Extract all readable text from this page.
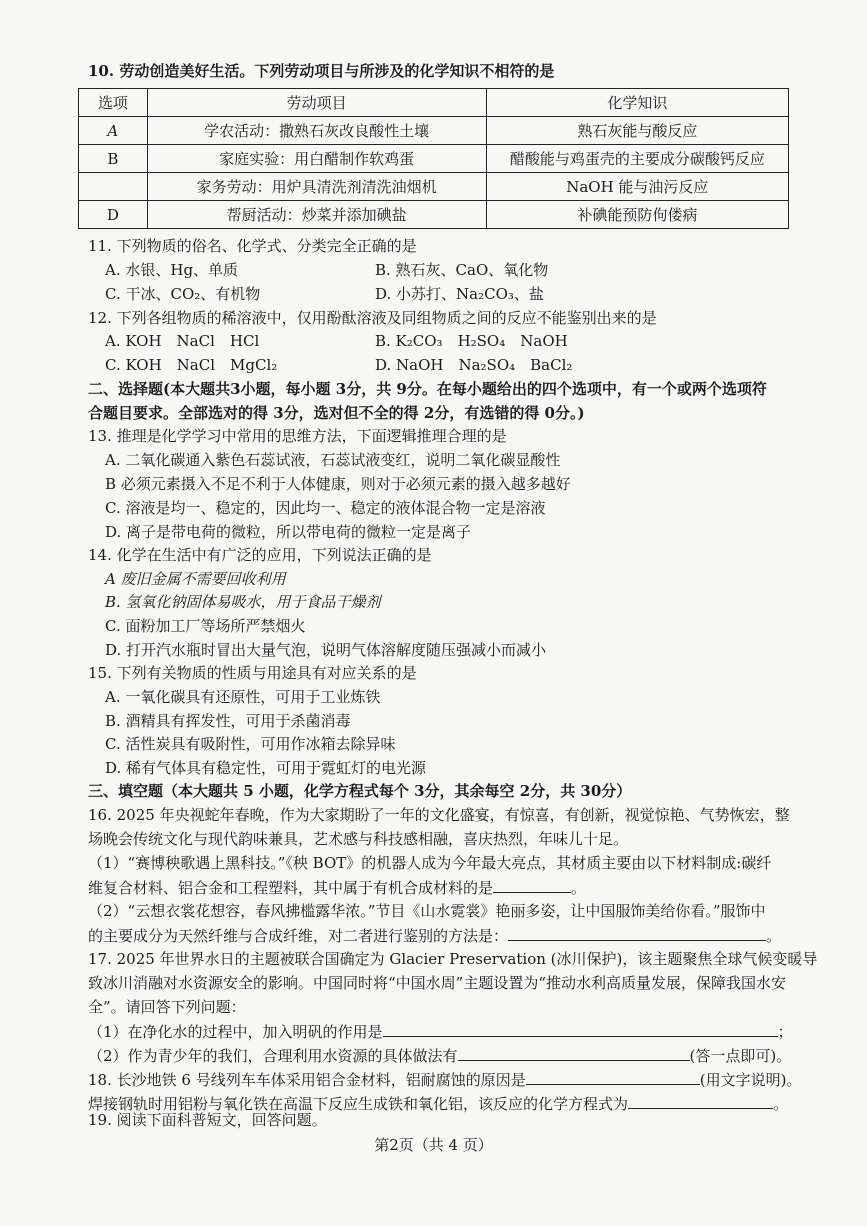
10. 劳动创造美好生活。下列劳动项目与所涉及的化学知识不相符的是
选项	劳动项目	化学知识
A	学农活动：撒熟石灰改良酸性土壤	熟石灰能与酸反应
B	家庭实验：用白醋制作软鸡蛋	醋酸能与鸡蛋壳的主要成分碳酸钙反应
	家务劳动：用炉具清洗剂清洗油烟机	NaOH 能与油污反应
D	帮厨活动：炒菜并添加碘盐	补碘能预防佝偻病
11. 下列物质的俗名、化学式、分类完全正确的是
A. 水银、Hg、单质	B. 熟石灰、CaO、氧化物
C. 干冰、CO₂、有机物	D. 小苏打、Na₂CO₃、盐
12. 下列各组物质的稀溶液中，仅用酚酞溶液及同组物质之间的反应不能鉴别出来的是
A. KOH　NaCl　HCl	B. K₂CO₃　H₂SO₄　NaOH
C. KOH　NaCl　MgCl₂	D. NaOH　Na₂SO₄　BaCl₂
二、选择题(本大题共3小题，每小题 3分，共 9分。在每小题给出的四个选项中，有一个或两个选项符
合题目要求。全部选对的得 3分，选对但不全的得 2分，有选错的得 0分。)
13. 推理是化学学习中常用的思维方法，下面逻辑推理合理的是
A. 二氧化碳通入紫色石蕊试液，石蕊试液变红，说明二氧化碳显酸性
B 必须元素摄入不足不利于人体健康，则对于必须元素的摄入越多越好
C. 溶液是均一、稳定的，因此均一、稳定的液体混合物一定是溶液
D. 离子是带电荷的微粒，所以带电荷的微粒一定是离子
14. 化学在生活中有广泛的应用，下列说法正确的是
A 废旧金属不需要回收利用
B. 氢氧化钠固体易吸水，用于食品干燥剂
C. 面粉加工厂等场所严禁烟火
D. 打开汽水瓶时冒出大量气泡，说明气体溶解度随压强减小而减小
15. 下列有关物质的性质与用途具有对应关系的是
A. 一氧化碳具有还原性，可用于工业炼铁
B. 酒精具有挥发性，可用于杀菌消毒
C. 活性炭具有吸附性，可用作冰箱去除异味
D. 稀有气体具有稳定性，可用于霓虹灯的电光源
三、填空题（本大题共 5 小题，化学方程式每个 3分，其余每空 2分，共 30分）
16. 2025 年央视蛇年春晚，作为大家期盼了一年的文化盛宴，有惊喜，有创新，视觉惊艳、气势恢宏，整
场晚会传统文化与现代韵味兼具，艺术感与科技感相融，喜庆热烈，年味儿十足。
（1）“赛博秧歌遇上黑科技。”《秧 BOT》的机器人成为今年最大亮点，其材质主要由以下材料制成:碳纤
维复合材料、铝合金和工程塑料，其中属于有机合成材料的是	。
（2）“云想衣裳花想容，春风拂槛露华浓。”节目《山水霓裳》艳丽多姿，让中国服饰美给你看。”服饰中
的主要成分为天然纤维与合成纤维，对二者进行鉴别的方法是：	。
17. 2025 年世界水日的主题被联合国确定为 Glacier Preservation (冰川保护)，该主题聚焦全球气候变暖导
致冰川消融对水资源安全的影响。中国同时将“中国水周”主题设置为“推动水利高质量发展，保障我国水安
全”。请回答下列问题：
（1）在净化水的过程中，加入明矾的作用是	；
（2）作为青少年的我们，合理利用水资源的具体做法有	(答一点即可)。
18. 长沙地铁 6 号线列车车体采用铝合金材料，铝耐腐蚀的原因是	(用文字说明)。
焊接钢轨时用铝粉与氧化铁在高温下反应生成铁和氧化铝，该反应的化学方程式为	。
19. 阅读下面科普短文，回答问题。
第2页（共 4 页）
